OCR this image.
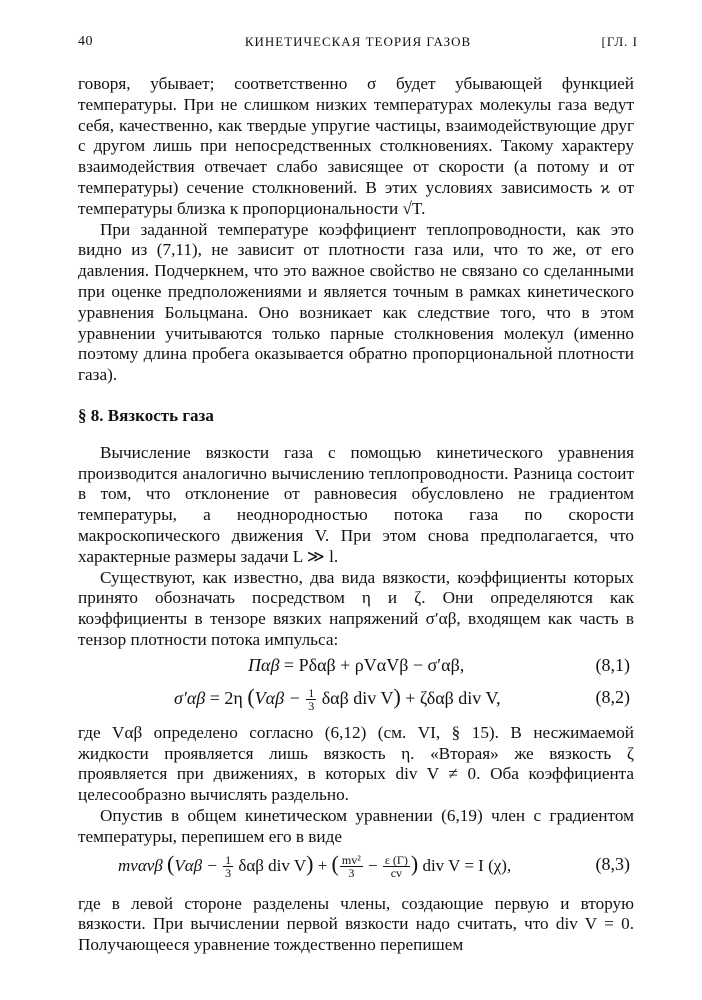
40	КИНЕТИЧЕСКАЯ ТЕОРИЯ ГАЗОВ	[ГЛ. I

говоря, убывает; соответственно σ будет убывающей функцией температуры. При не слишком низких температурах молекулы газа ведут себя, качественно, как твердые упругие частицы, взаимодействующие друг с другом лишь при непосредственных столкновениях. Такому характеру взаимодействия отвечает слабо зависящее от скорости (а потому и от температуры) сечение столкновений. В этих условиях зависимость ϰ от температуры близка к пропорциональности √T.

При заданной температуре коэффициент теплопроводности, как это видно из (7,11), не зависит от плотности газа или, что то же, от его давления. Подчеркнем, что это важное свойство не связано со сделанными при оценке предположениями и является точным в рамках кинетического уравнения Больцмана. Оно возникает как следствие того, что в этом уравнении учитываются только парные столкновения молекул (именно поэтому длина пробега оказывается обратно пропорциональной плотности газа).

§ 8. Вязкость газа

Вычисление вязкости газа с помощью кинетического уравнения производится аналогично вычислению теплопроводности. Разница состоит в том, что отклонение от равновесия обусловлено не градиентом температуры, а неоднородностью потока газа по скорости макроскопического движения V. При этом снова предполагается, что характерные размеры задачи L ≫ l.

Существуют, как известно, два вида вязкости, коэффициенты которых принято обозначать посредством η и ζ. Они определяются как коэффициенты в тензоре вязких напряжений σ′αβ, входящем как часть в тензор плотности потока импульса:

Παβ = Pδαβ + ρVαVβ − σ′αβ,	(8,1)
σ′αβ = 2η ($V\alpha\beta - \frac{1}{3}$ δαβ div V) + ζδαβ div V,	(8,2)

где Vαβ определено согласно (6,12) (см. VI, § 15). В несжимаемой жидкости проявляется лишь вязкость η. «Вторая» же вязкость ζ проявляется при движениях, в которых div V ≠ 0. Оба коэффициента целесообразно вычислять раздельно.

Опустив в общем кинетическом уравнении (6,19) член с градиентом температуры, перепишем его в виде

mvαvβ ($V\alpha\beta - \frac{1}{3}$ δαβ div V) + ( $\frac{\text{mv²}}{3} - \frac{\varepsilon (\Gamma)}{cv}$ ) div V = I (χ),	(8,3)

где в левой стороне разделены члены, создающие первую и вторую вязкости. При вычислении первой вязкости надо считать, что div V = 0. Получающееся уравнение тождественно перепишем
